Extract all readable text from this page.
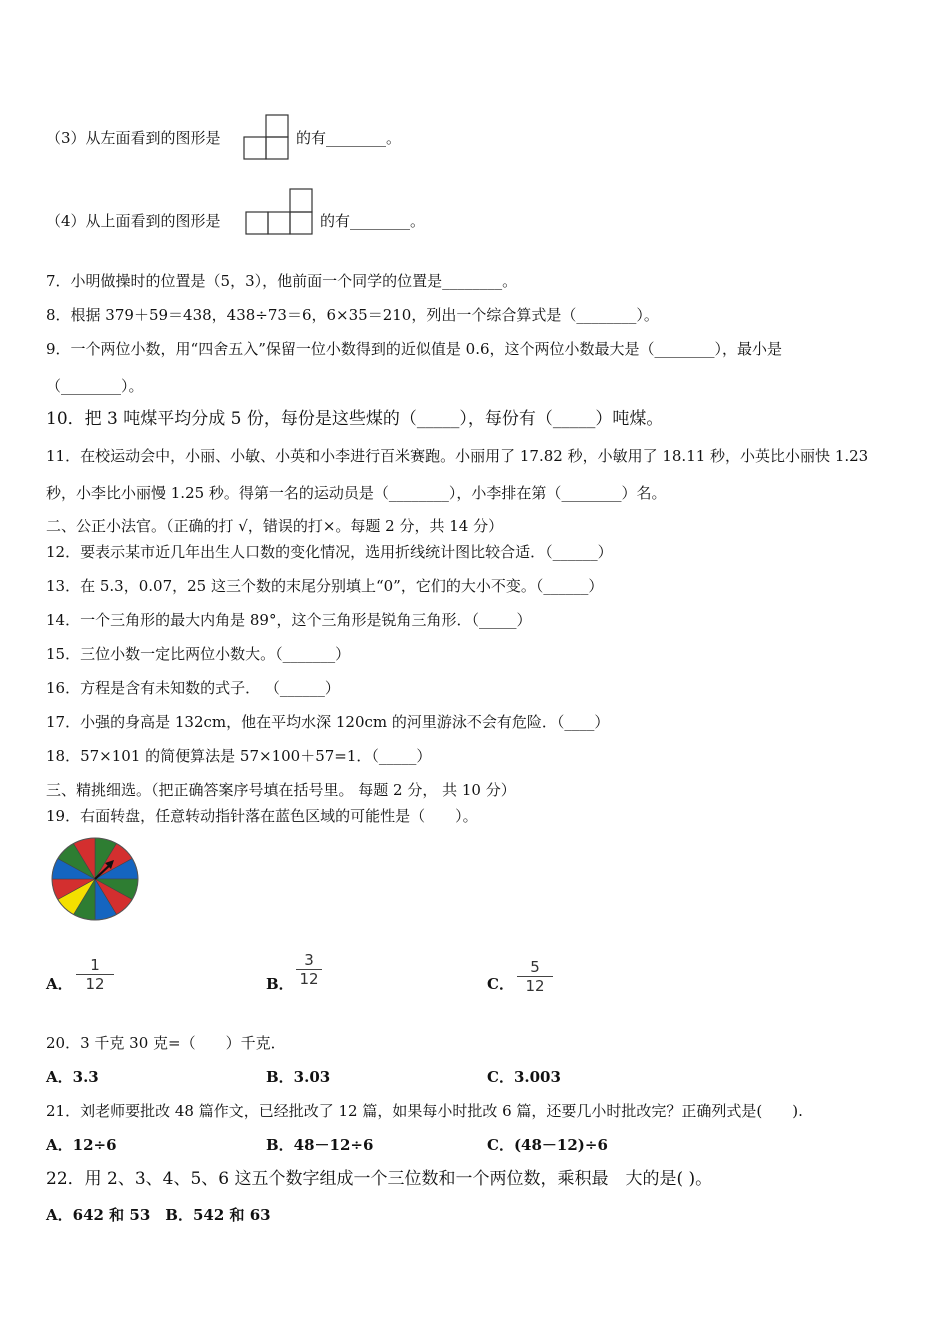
（3）从左面看到的图形是	的有________。
（4）从上面看到的图形是	的有________。
7．小明做操时的位置是（5，3），他前面一个同学的位置是________。
8．根据 379＋59＝438，438÷73＝6，6×35＝210，列出一个综合算式是（________）。
9．一个两位小数，用“四舍五入”保留一位小数得到的近似值是 0.6，这个两位小数最大是（________），最小是
（________）。
10．把 3 吨煤平均分成 5 份，每份是这些煤的（_____），每份有（_____）吨煤。
11．在校运动会中，小丽、小敏、小英和小李进行百米赛跑。小丽用了 17.82 秒，小敏用了 18.11 秒，小英比小丽快 1.23
秒，小李比小丽慢 1.25 秒。得第一名的运动员是（________），小李排在第（________）名。
二、公正小法官。（正确的打 √，错误的打×。每题 2 分，共 14 分）
12．要表示某市近几年出生人口数的变化情况，选用折线统计图比较合适．（______）
13．在 5.3，0.07，25 这三个数的末尾分别填上“0”，它们的大小不变。（______）
14．一个三角形的最大内角是 89°，这个三角形是锐角三角形．（_____）
15．三位小数一定比两位小数大。（_______）
16．方程是含有未知数的式子． （______）
17．小强的身高是 132cm，他在平均水深 120cm 的河里游泳不会有危险．（____）
18．57×101 的简便算法是 57×100＋57=1．（_____）
三、精挑细选。（把正确答案序号填在括号里。 每题 2 分， 共 10 分）
19．右面转盘，任意转动指针落在蓝色区域的可能性是（　　）。
A．
1
12	B．
3
12	C．
5
12
20．3 千克 30 克=（　　）千克．
A．3.3	B．3.03	C．3.003
21．刘老师要批改 48 篇作文，已经批改了 12 篇，如果每小时批改 6 篇，还要几小时批改完？正确列式是(　　).
A．12÷6	B．48－12÷6	C．(48－12)÷6
22．用 2、3、4、5、6 这五个数字组成一个三位数和一个两位数，乘积最　大的是( )。
A．642 和 53　B．542 和 63
